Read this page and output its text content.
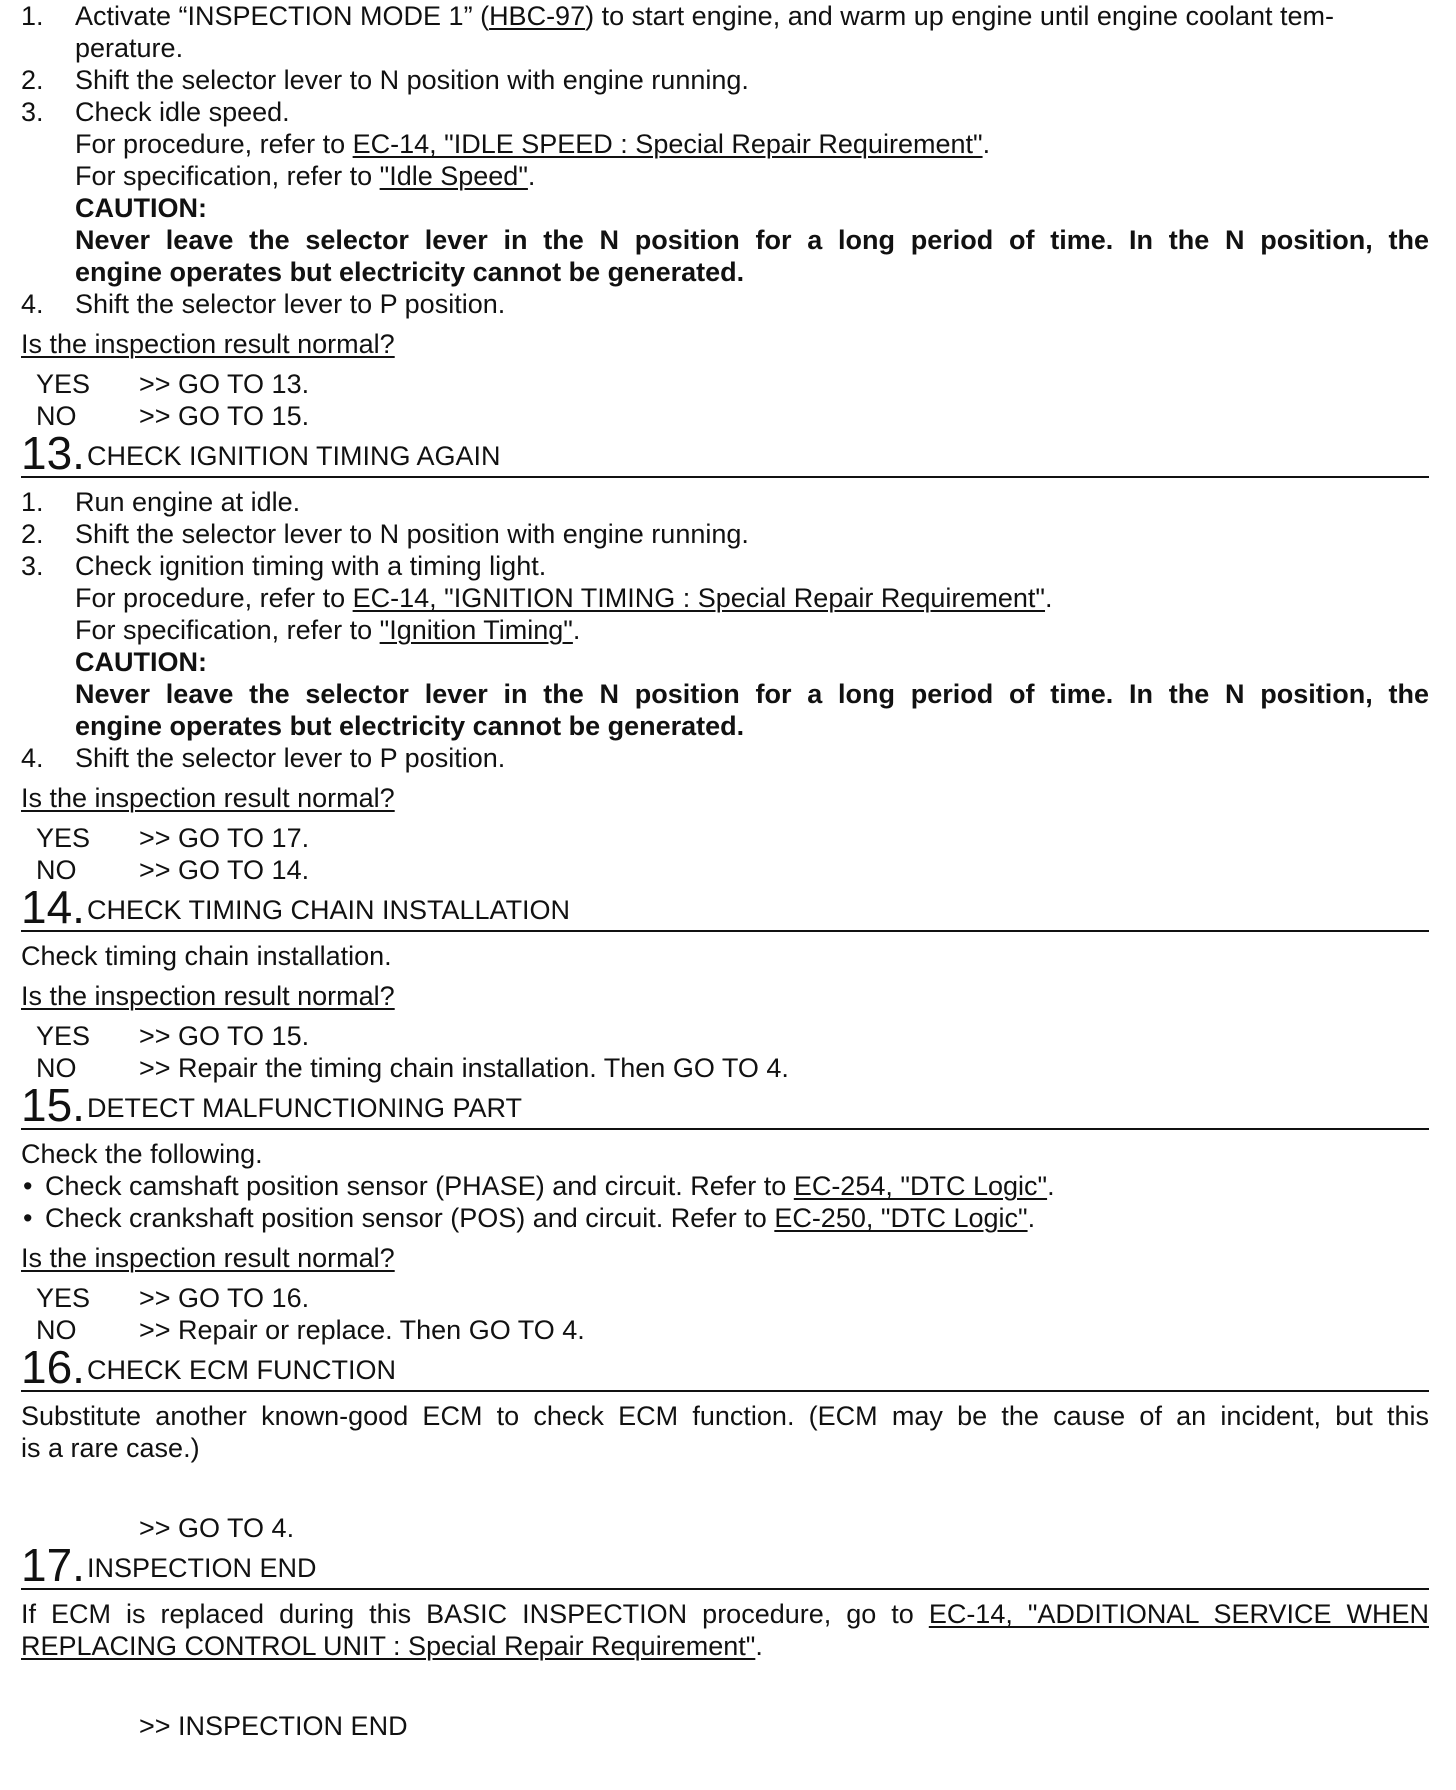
1.	Activate “INSPECTION MODE 1” (HBC-97) to start engine, and warm up engine until engine coolant tem-
perature.
2.	Shift the selector lever to N position with engine running.
3.	Check idle speed.
For procedure, refer to EC-14, "IDLE SPEED : Special Repair Requirement".
For specification, refer to "Idle Speed".
CAUTION:
Never leave the selector lever in the N position for a long period of time. In the N position, the
engine operates but electricity cannot be generated.
4.	Shift the selector lever to P position.
Is the inspection result normal?
YES	>> GO TO 13.
NO	>> GO TO 15.
13. CHECK IGNITION TIMING AGAIN
1.	Run engine at idle.
2.	Shift the selector lever to N position with engine running.
3.	Check ignition timing with a timing light.
For procedure, refer to EC-14, "IGNITION TIMING : Special Repair Requirement".
For specification, refer to "Ignition Timing".
CAUTION:
Never leave the selector lever in the N position for a long period of time. In the N position, the
engine operates but electricity cannot be generated.
4.	Shift the selector lever to P position.
Is the inspection result normal?
YES	>> GO TO 17.
NO	>> GO TO 14.
14. CHECK TIMING CHAIN INSTALLATION
Check timing chain installation.
Is the inspection result normal?
YES	>> GO TO 15.
NO	>> Repair the timing chain installation. Then GO TO 4.
15. DETECT MALFUNCTIONING PART
Check the following.
• Check camshaft position sensor (PHASE) and circuit. Refer to EC-254, "DTC Logic".
• Check crankshaft position sensor (POS) and circuit. Refer to EC-250, "DTC Logic".
Is the inspection result normal?
YES	>> GO TO 16.
NO	>> Repair or replace. Then GO TO 4.
16. CHECK ECM FUNCTION
Substitute another known-good ECM to check ECM function. (ECM may be the cause of an incident, but this
is a rare case.)
>> GO TO 4.
17. INSPECTION END
If ECM is replaced during this BASIC INSPECTION procedure, go to EC-14, "ADDITIONAL SERVICE WHEN
REPLACING CONTROL UNIT : Special Repair Requirement".
>> INSPECTION END
